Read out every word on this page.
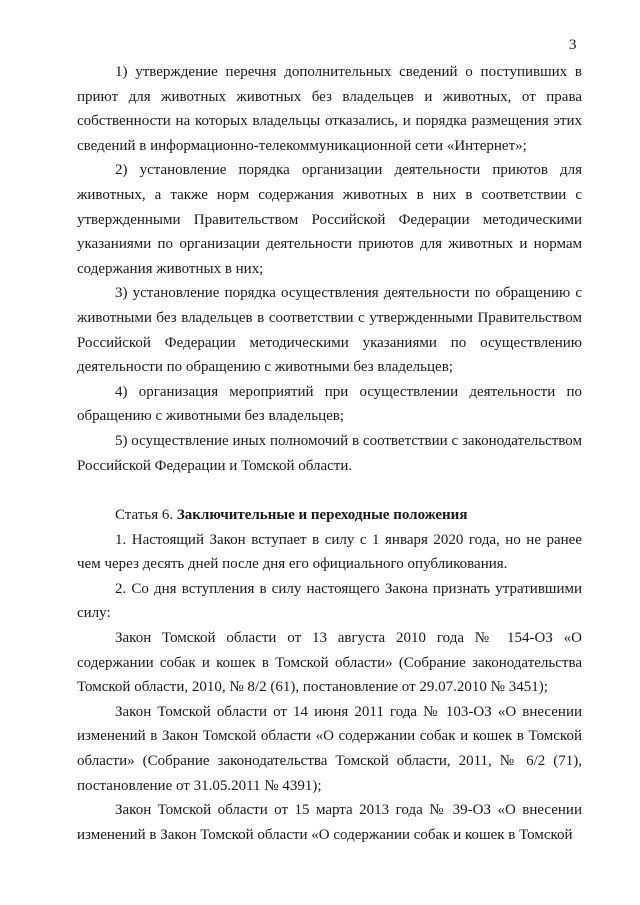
3

1) утверждение перечня дополнительных сведений о поступивших в приют для животных животных без владельцев и животных, от права собственности на которых владельцы отказались, и порядка размещения этих сведений в информационно-телекоммуникационной сети «Интернет»;

2) установление порядка организации деятельности приютов для животных, а также норм содержания животных в них в соответствии с утвержденными Правительством Российской Федерации методическими указаниями по организации деятельности приютов для животных и нормам содержания животных в них;

3) установление порядка осуществления деятельности по обращению с животными без владельцев в соответствии с утвержденными Правительством Российской Федерации методическими указаниями по осуществлению деятельности по обращению с животными без владельцев;

4) организация мероприятий при осуществлении деятельности по обращению с животными без владельцев;

5) осуществление иных полномочий в соответствии с законодательством Российской Федерации и Томской области.

Статья 6. Заключительные и переходные положения

1. Настоящий Закон вступает в силу с 1 января 2020 года, но не ранее чем через десять дней после дня его официального опубликования.

2. Со дня вступления в силу настоящего Закона признать утратившими силу:

Закон Томской области от 13 августа 2010 года № 154-ОЗ «О содержании собак и кошек в Томской области» (Собрание законодательства Томской области, 2010, № 8/2 (61), постановление от 29.07.2010 № 3451);

Закон Томской области от 14 июня 2011 года № 103-ОЗ «О внесении изменений в Закон Томской области «О содержании собак и кошек в Томской области» (Собрание законодательства Томской области, 2011, № 6/2 (71), постановление от 31.05.2011 № 4391);

Закон Томской области от 15 марта 2013 года № 39-ОЗ «О внесении изменений в Закон Томской области «О содержании собак и кошек в Томской
